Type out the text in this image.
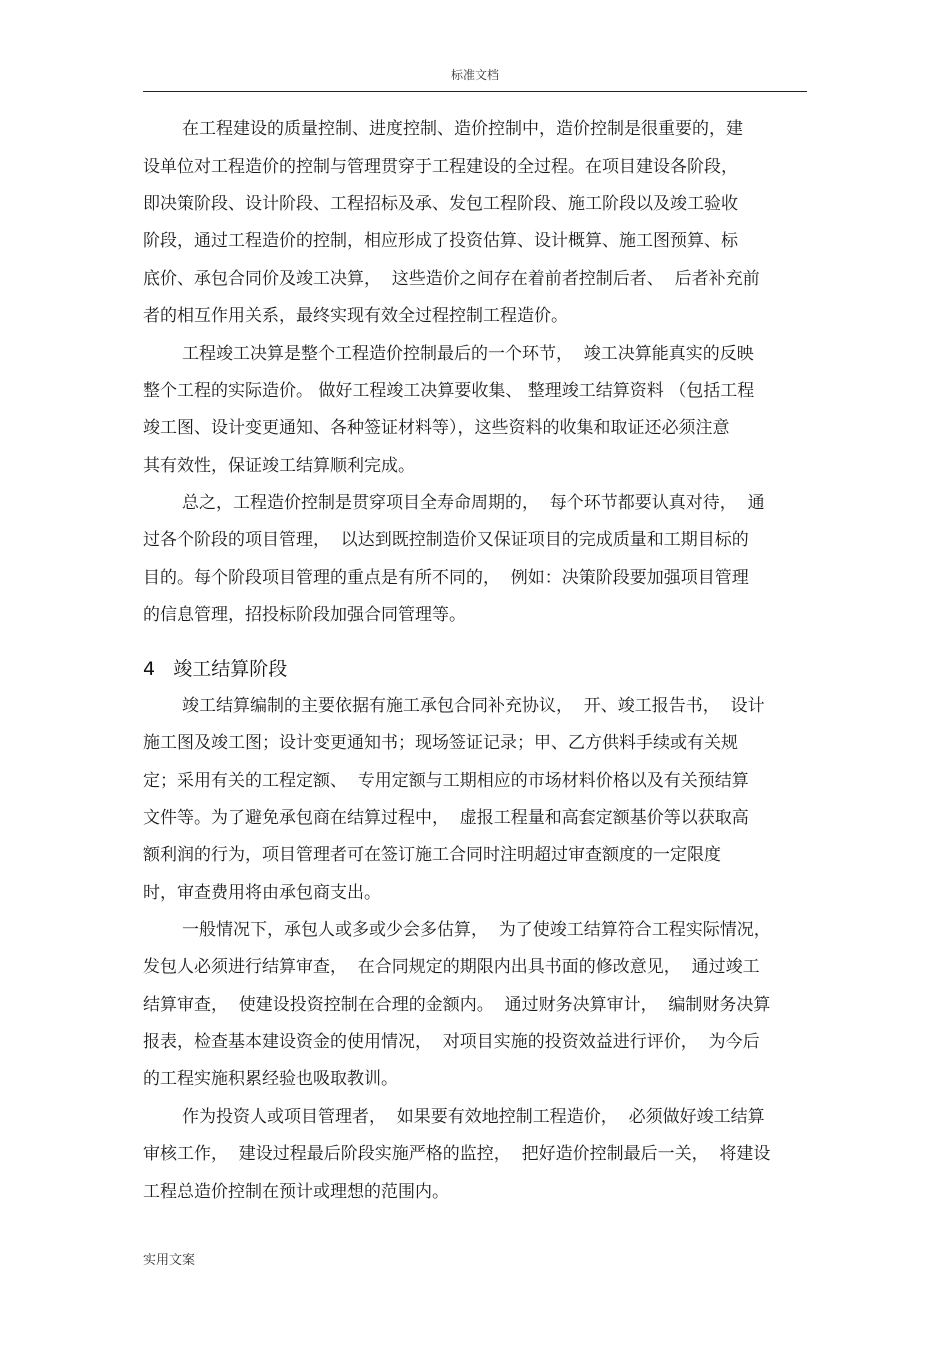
标准文档
在工程建设的质量控制、进度控制、造价控制中，造价控制是很重要的，建
设单位对工程造价的控制与管理贯穿于工程建设的全过程。在项目建设各阶段，
即决策阶段、设计阶段、工程招标及承、发包工程阶段、施工阶段以及竣工验收
阶段，通过工程造价的控制，相应形成了投资估算、设计概算、施工图预算、标
底价、承包合同价及竣工决算，  这些造价之间存在着前者控制后者、  后者补充前
者的相互作用关系，最终实现有效全过程控制工程造价。
工程竣工决算是整个工程造价控制最后的一个环节，  竣工决算能真实的反映
整个工程的实际造价。 做好工程竣工决算要收集、 整理竣工结算资料 （包括工程
竣工图、设计变更通知、各种签证材料等），这些资料的收集和取证还必须注意
其有效性，保证竣工结算顺利完成。
总之，工程造价控制是贯穿项目全寿命周期的，  每个环节都要认真对待，  通
过各个阶段的项目管理，  以达到既控制造价又保证项目的完成质量和工期目标的
目的。每个阶段项目管理的重点是有所不同的，  例如：决策阶段要加强项目管理
的信息管理，招投标阶段加强合同管理等。
4   竣工结算阶段
竣工结算编制的主要依据有施工承包合同补充协议，  开、竣工报告书，  设计
施工图及竣工图；设计变更通知书；现场签证记录；甲、乙方供料手续或有关规
定；采用有关的工程定额、  专用定额与工期相应的市场材料价格以及有关预结算
文件等。为了避免承包商在结算过程中，  虚报工程量和高套定额基价等以获取高
额利润的行为，项目管理者可在签订施工合同时注明超过审查额度的一定限度
时，审查费用将由承包商支出。
一般情况下，承包人或多或少会多估算，  为了使竣工结算符合工程实际情况，
发包人必须进行结算审查，  在合同规定的期限内出具书面的修改意见，  通过竣工
结算审查，  使建设投资控制在合理的金额内。  通过财务决算审计，  编制财务决算
报表，检查基本建设资金的使用情况，  对项目实施的投资效益进行评价，  为今后
的工程实施积累经验也吸取教训。
作为投资人或项目管理者，  如果要有效地控制工程造价，  必须做好竣工结算
审核工作，  建设过程最后阶段实施严格的监控，  把好造价控制最后一关，  将建设
工程总造价控制在预计或理想的范围内。
实用文案
